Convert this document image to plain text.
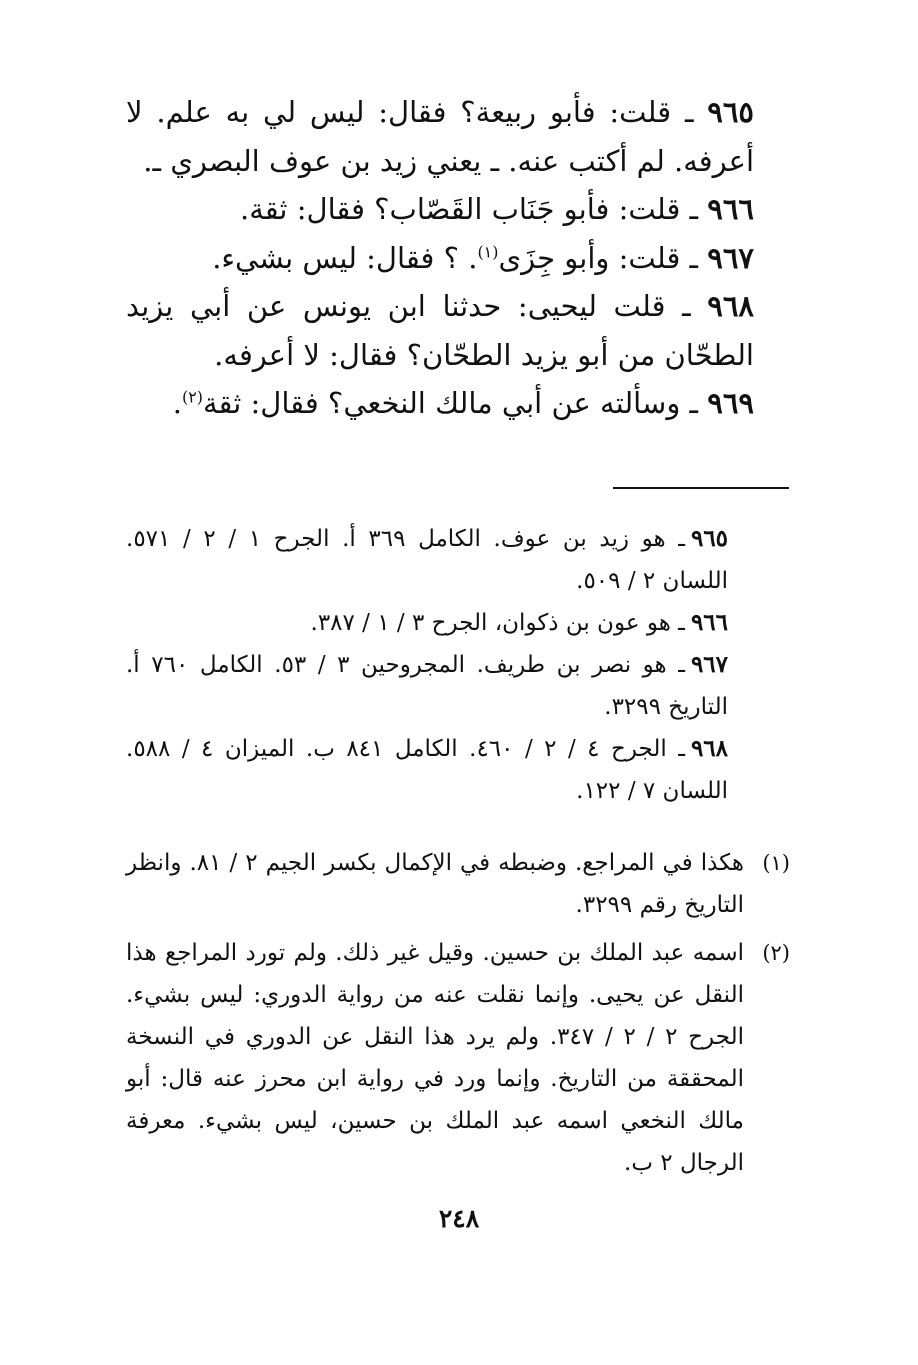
٩٦٥ ـ قلت: فأبو ربيعة؟ فقال: ليس لي به علم. لا أعرفه. لم أكتب عنه. ـ يعني زيد بن عوف البصري ـ.

٩٦٦ ـ قلت: فأبو جَنَاب القَصّاب؟ فقال: ثقة.

٩٦٧ ـ قلت: وأبو جِزَى$^{(١)}$. ؟ فقال: ليس بشيء.

٩٦٨ ـ قلت ليحيى: حدثنا ابن يونس عن أبي يزيد الطحّان من أبو يزيد الطحّان؟ فقال: لا أعرفه.

٩٦٩ ـ وسألته عن أبي مالك النخعي؟ فقال: ثقة$^{(٢)}$.

٩٦٥ـ هو زيد بن عوف. الكامل ٣٦٩ أ. الجرح ١ / ٢ / ٥٧١. اللسان ٢ / ٥٠٩.
٩٦٦ـ هو عون بن ذكوان، الجرح ٣ / ١ / ٣٨٧.
٩٦٧ـ هو نصر بن طريف. المجروحين ٣ / ٥٣. الكامل ٧٦٠ أ. التاريخ ٣٢٩٩.
٩٦٨ـ الجرح ٤ / ٢ / ٤٦٠. الكامل ٨٤١ ب. الميزان ٤ / ٥٨٨. اللسان ٧ / ١٢٢.
(١)
هكذا في المراجع. وضبطه في الإكمال بكسر الجيم ٢ / ٨١. وانظر التاريخ رقم ٣٢٩٩.
(٢)
اسمه عبد الملك بن حسين. وقيل غير ذلك. ولم تورد المراجع هذا النقل عن يحيى. وإنما نقلت عنه من رواية الدوري: ليس بشيء. الجرح ٢ / ٢ / ٣٤٧. ولم يرد هذا النقل عن الدوري في النسخة المحققة من التاريخ. وإنما ورد في رواية ابن محرز عنه قال: أبو مالك النخعي اسمه عبد الملك بن حسين، ليس بشيء. معرفة الرجال ٢ ب.
٢٤٨
